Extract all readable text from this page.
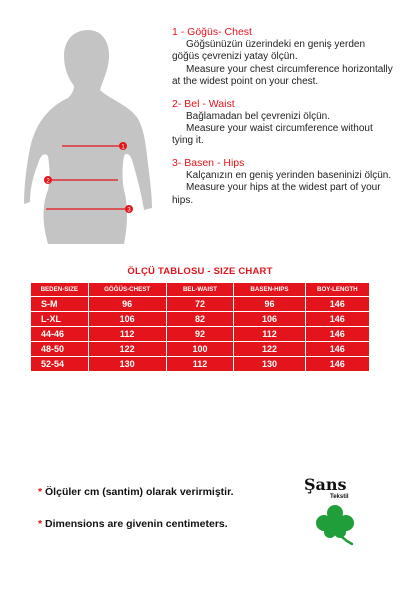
1
2
3
1 - Göğüs- Chest
Göğsünüzün üzerindeki en geniş yerden göğüs çevrenizi yatay ölçün.
Measure your chest circumference horizontally at the widest point on your chest.
2- Bel - Waist
Bağlamadan bel çevrenizi ölçün.
Measure your waist circumference without tying it.
3- Basen - Hips
Kalçanızın en geniş yerinden baseninizi ölçün.
Measure your hips at the widest part of your hips.
ÖLÇÜ TABLOSU - SIZE CHART
BEDEN-SIZE	GÖĞÜS-CHEST	BEL-WAIST	BASEN-HIPS	BOY-LENGTH
S-M	96	72	96	146
L-XL	106	82	106	146
44-46	112	92	112	146
48-50	122	100	122	146
52-54	130	112	130	146
* Ölçüler cm (santim) olarak verirmiştir.
* Dimensions are givenin centimeters.
Şans
Tekstil
